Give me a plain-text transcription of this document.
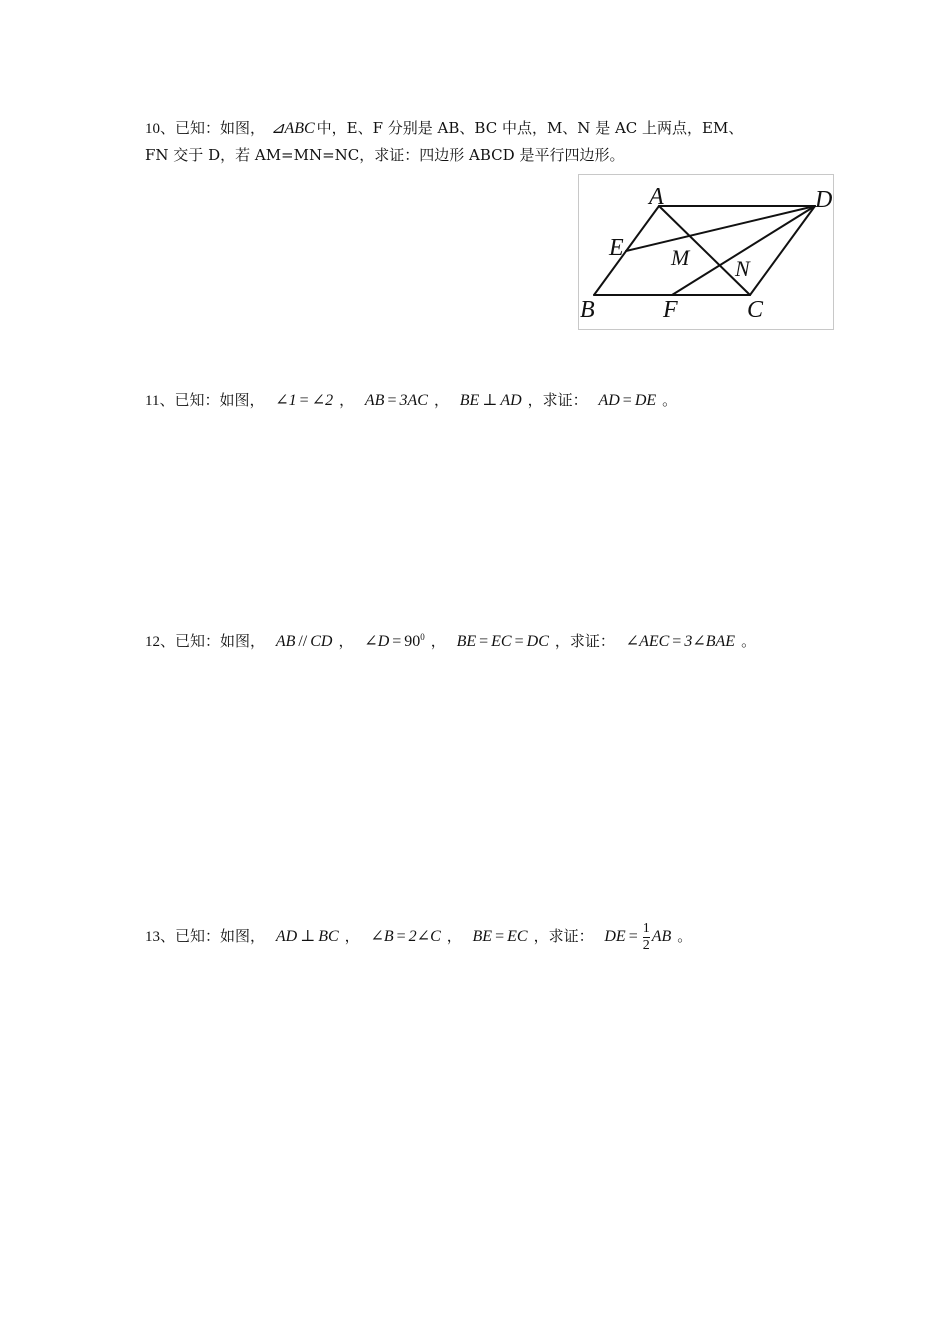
10、已知：如图， ⊿ABC 中，E、F 分别是 AB、BC 中点，M、N 是 AC 上两点，EM、
FN 交于 D，若 AM=MN=NC，求证：四边形 ABCD 是平行四边形。
A	D
E M N
B	F	C
11、已知：如图， ∠1 = ∠2 ， AB = 3AC ， BE ⊥ AD ，求证： AD = DE 。
12、已知：如图， AB // CD ， ∠D = $90^0$ ， BE = EC = DC ，求证： ∠AEC = 3∠BAE 。
13、已知：如图， AD ⊥ BC ， ∠B = 2∠C ， BE = EC ，求证： DE = $\frac{1}{2}$ AB 。
